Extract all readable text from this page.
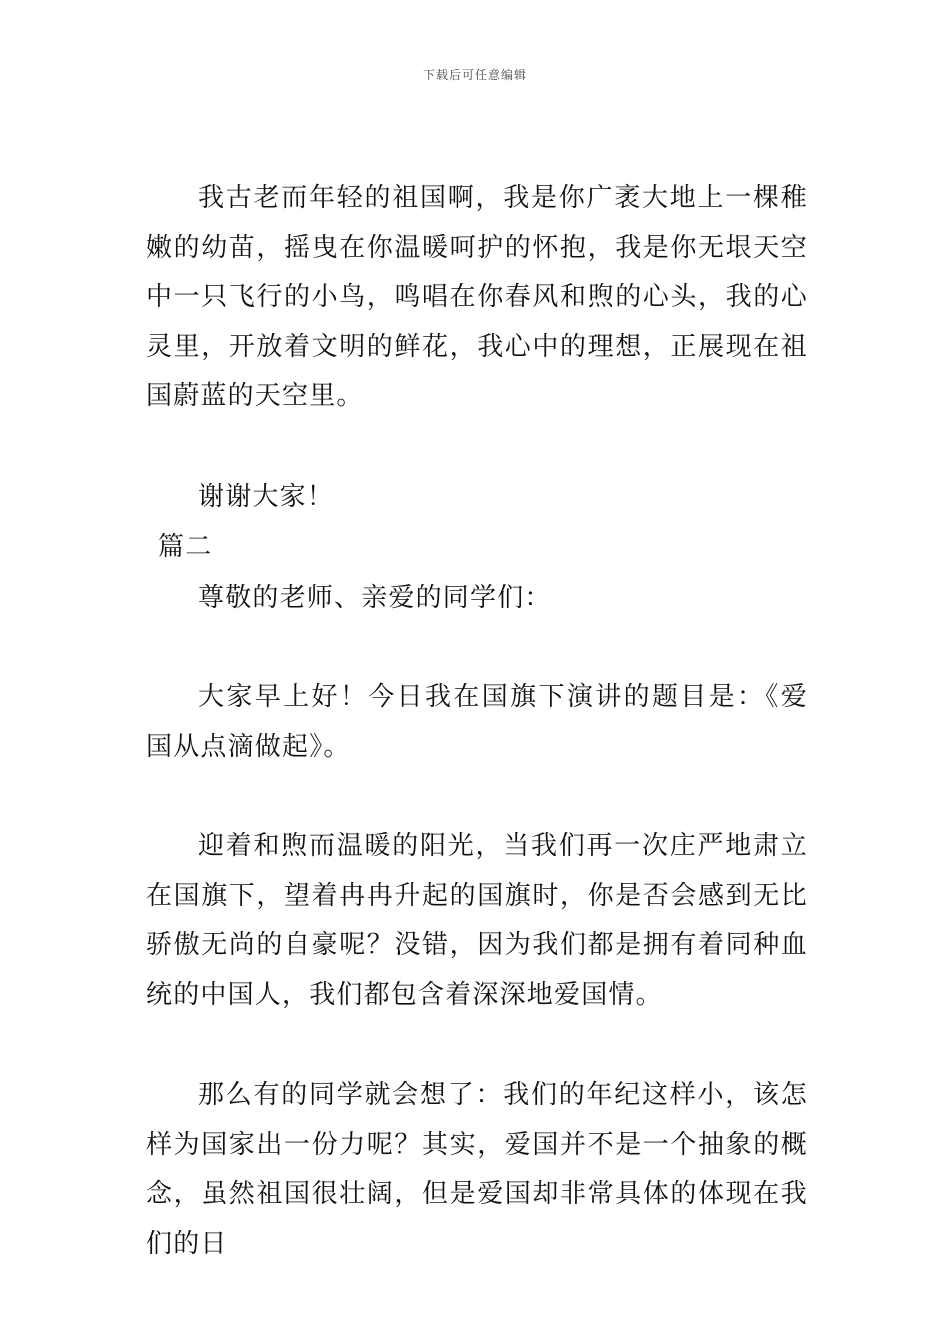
下载后可任意编辑
我古老而年轻的祖国啊，我是你广袤大地上一棵稚嫩的幼苗，摇曳在你温暖呵护的怀抱，我是你无垠天空中一只飞行的小鸟，鸣唱在你春风和煦的心头，我的心灵里，开放着文明的鲜花，我心中的理想，正展现在祖国蔚蓝的天空里。
谢谢大家！
篇二
尊敬的老师、亲爱的同学们：
大家早上好！今日我在国旗下演讲的题目是：《爱国从点滴做起》。
迎着和煦而温暖的阳光，当我们再一次庄严地肃立在国旗下，望着冉冉升起的国旗时，你是否会感到无比骄傲无尚的自豪呢？没错，因为我们都是拥有着同种血统的中国人，我们都包含着深深地爱国情。
那么有的同学就会想了：我们的年纪这样小，该怎样为国家出一份力呢？其实，爱国并不是一个抽象的概念，虽然祖国很壮阔，但是爱国却非常具体的体现在我们的日
